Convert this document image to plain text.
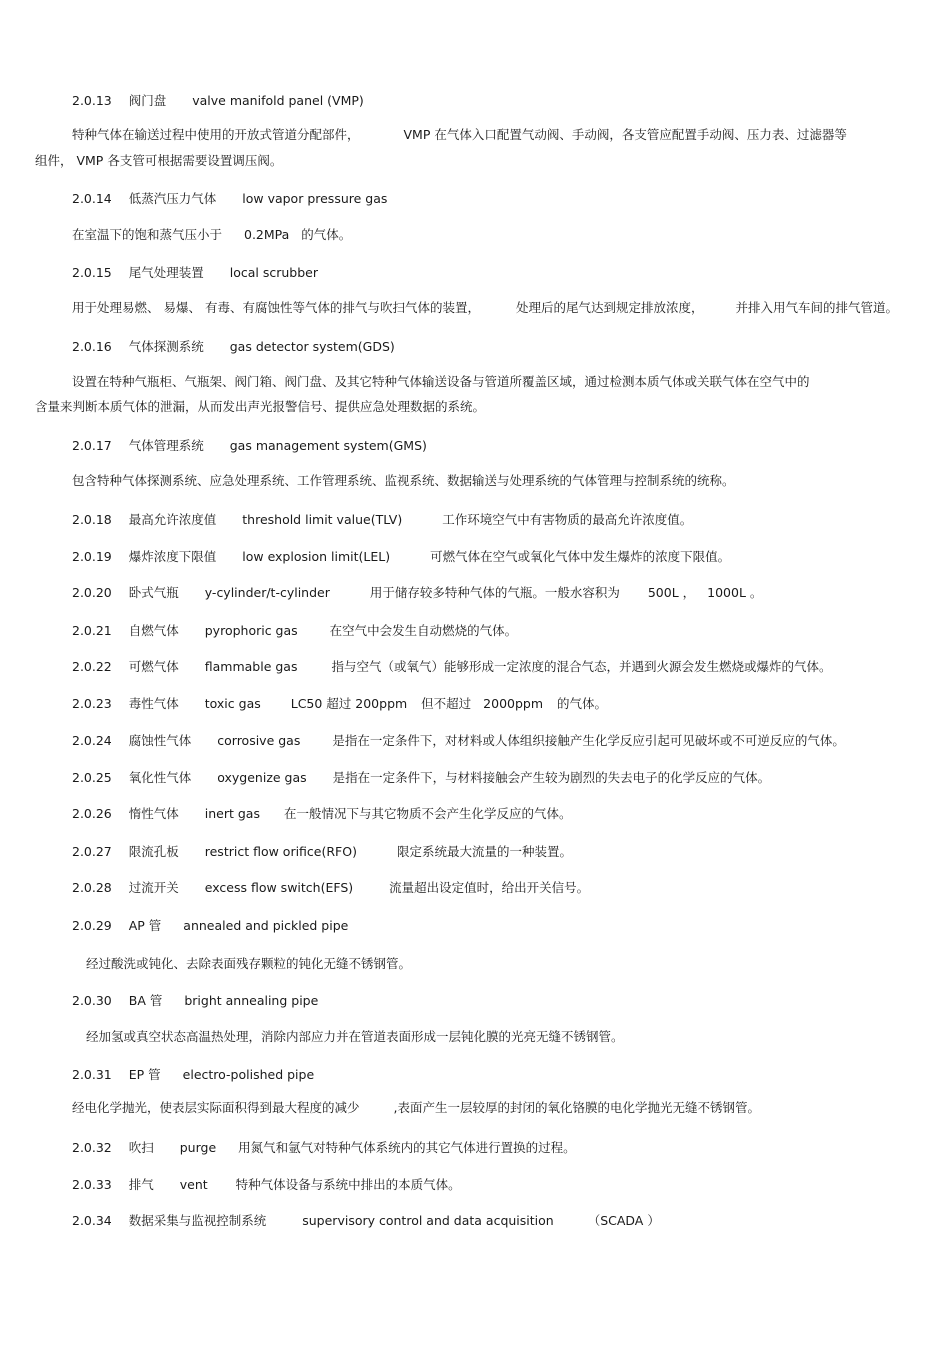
2.0.13 阀门盘 valve manifold panel (VMP)
特种气体在输送过程中使用的开放式管道分配部件，	VMP 在气体入口配置气动阀、手动阀，各支管应配置手动阀、压力表、过滤器等
组件， VMP 各支管可根据需要设置调压阀。
2.0.14 低蒸汽压力气体 low vapor pressure gas
在室温下的饱和蒸气压小于 0.2MPa 的气体。
2.0.15 尾气处理装置 local scrubber
用于处理易燃、 易爆、 有毒、有腐蚀性等气体的排气与吹扫气体的装置，	处理后的尾气达到规定排放浓度，	并排入用气车间的排气管道。
2.0.16 气体探测系统 gas detector system(GDS)
设置在特种气瓶柜、气瓶架、阀门箱、阀门盘、及其它特种气体输送设备与管道所覆盖区域，通过检测本质气体或关联气体在空气中的
含量来判断本质气体的泄漏，从而发出声光报警信号、提供应急处理数据的系统。
2.0.17 气体管理系统 gas management system(GMS)
包含特种气体探测系统、应急处理系统、工作管理系统、监视系统、数据输送与处理系统的气体管理与控制系统的统称。
2.0.18 最高允许浓度值 threshold limit value(TLV)	工作环境空气中有害物质的最高允许浓度值。
2.0.19 爆炸浓度下限值 low explosion limit(LEL)	可燃气体在空气或氧化气体中发生爆炸的浓度下限值。
2.0.20 卧式气瓶 y-cylinder/t-cylinder	用于储存较多特种气体的气瓶。一般水容积为 500L ， 1000L 。
2.0.21 自燃气体 pyrophoric gas	在空气中会发生自动燃烧的气体。
2.0.22 可燃气体 flammable gas	指与空气（或氧气）能够形成一定浓度的混合气态，并遇到火源会发生燃烧或爆炸的气体。
2.0.23 毒性气体 toxic gas LC50 超过 200ppm 但不超过 2000ppm 的气体。
2.0.24 腐蚀性气体 corrosive gas	是指在一定条件下，对材料或人体组织接触产生化学反应引起可见破坏或不可逆反应的气体。
2.0.25 氧化性气体 oxygenize gas 是指在一定条件下，与材料接触会产生较为剧烈的失去电子的化学反应的气体。
2.0.26 惰性气体 inert gas 在一般情况下与其它物质不会产生化学反应的气体。
2.0.27 限流孔板 restrict flow orifice(RFO)	限定系统最大流量的一种装置。
2.0.28 过流开关 excess flow switch(EFS)	流量超出设定值时，给出开关信号。
2.0.29 AP 管 annealed and pickled pipe
经过酸洗或钝化、去除表面残存颗粒的钝化无缝不锈钢管。
2.0.30 BA 管 bright annealing pipe
经加氢或真空状态高温热处理，消除内部应力并在管道表面形成一层钝化膜的光亮无缝不锈钢管。
2.0.31 EP 管 electro-polished pipe
经电化学抛光，使表层实际面积得到最大程度的减少	,表面产生一层较厚的封闭的氧化铬膜的电化学抛光无缝不锈钢管。
2.0.32 吹扫 purge 用氮气和氩气对特种气体系统内的其它气体进行置换的过程。
2.0.33 排气 vent 特种气体设备与系统中排出的本质气体。
2.0.34 数据采集与监视控制系统	supervisory control and data acquisition	（SCADA ）
